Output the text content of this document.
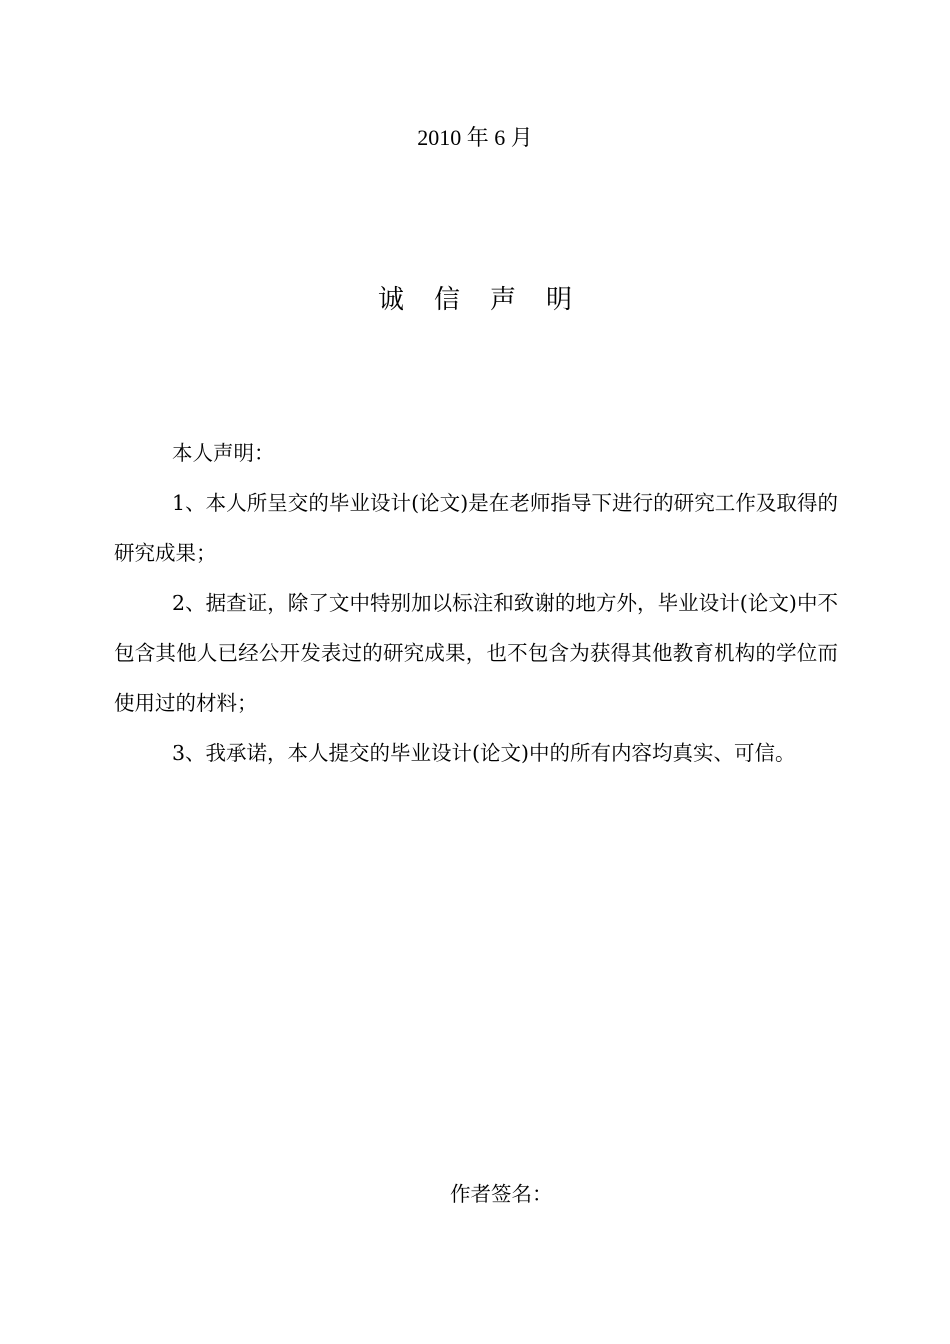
2010 年 6 月
诚信声明

本人声明：

1、本人所呈交的毕业设计(论文)是在老师指导下进行的研究工作及取得的研究成果；

2、据查证，除了文中特别加以标注和致谢的地方外，毕业设计(论文)中不包含其他人已经公开发表过的研究成果，也不包含为获得其他教育机构的学位而使用过的材料；

3、我承诺，本人提交的毕业设计(论文)中的所有内容均真实、可信。

作者签名：
